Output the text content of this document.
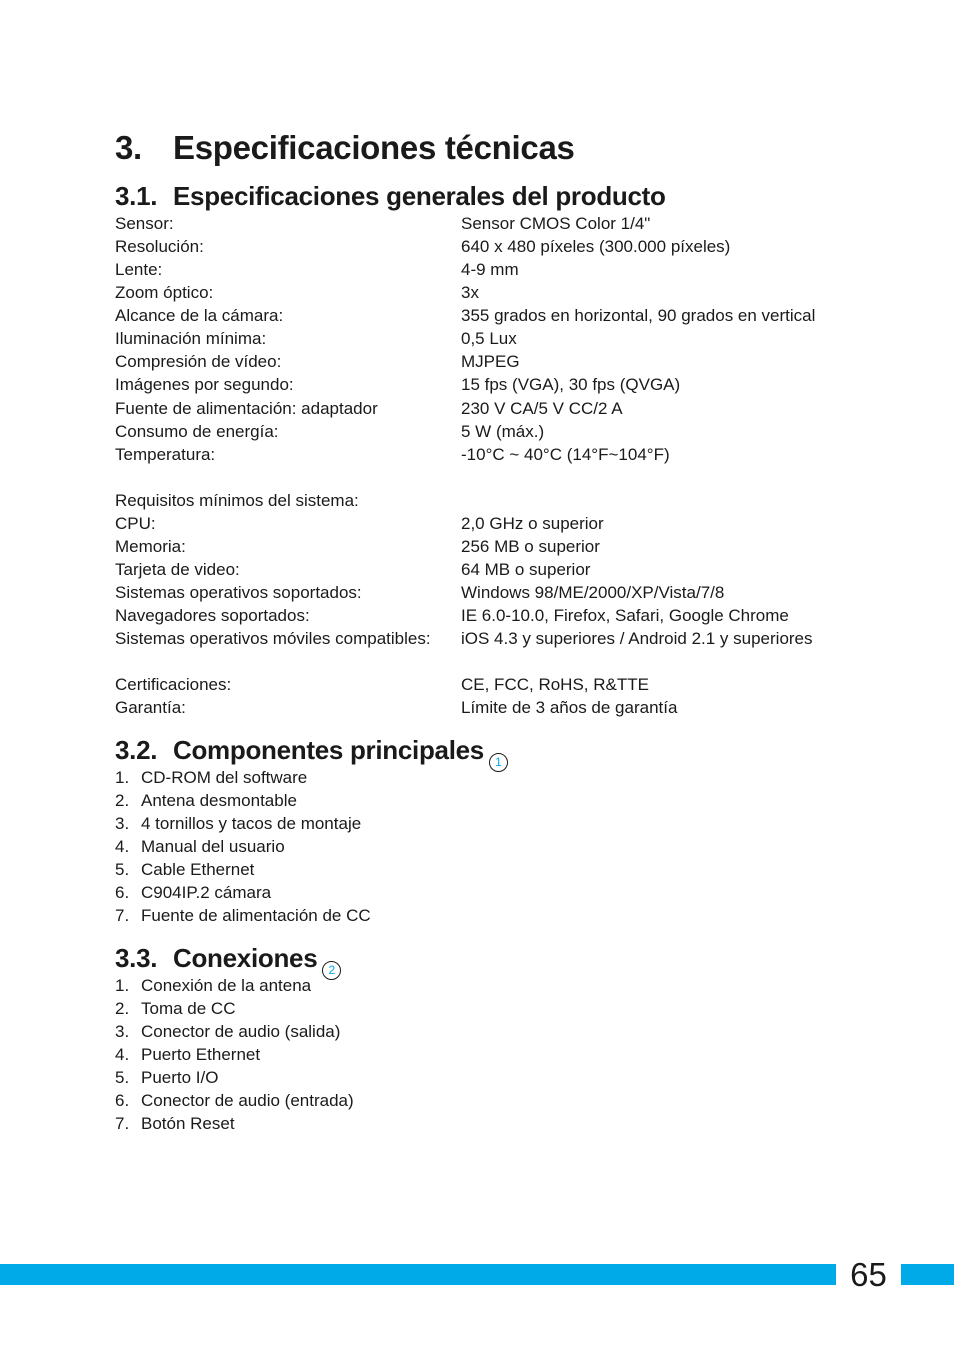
3. Especificaciones técnicas
3.1. Especificaciones generales del producto
Sensor:	Sensor CMOS Color 1/4"
Resolución:	640 x 480 píxeles (300.000 píxeles)
Lente:	4-9 mm
Zoom óptico:	3x
Alcance de la cámara:	355 grados en horizontal, 90 grados en vertical
Iluminación mínima:	0,5 Lux
Compresión de vídeo:	MJPEG
Imágenes por segundo:	15 fps (VGA), 30 fps (QVGA)
Fuente de alimentación: adaptador	230 V CA/5 V CC/2 A
Consumo de energía:	5 W (máx.)
Temperatura:	-10°C ~ 40°C (14°F~104°F)
Requisitos mínimos del sistema:
CPU:	2,0 GHz o superior
Memoria:	256 MB o superior
Tarjeta de video:	64 MB o superior
Sistemas operativos soportados:	Windows 98/ME/2000/XP/Vista/7/8
Navegadores soportados:	IE 6.0-10.0, Firefox, Safari, Google Chrome
Sistemas operativos móviles compatibles: iOS 4.3 y superiores / Android 2.1 y superiores
Certificaciones:	CE, FCC, RoHS, R&TTE
Garantía:	Límite de 3 años de garantía
3.2. Componentes principales 1
1. CD-ROM del software
2. Antena desmontable
3. 4 tornillos y tacos de montaje
4. Manual del usuario
5. Cable Ethernet
6. C904IP.2 cámara
7. Fuente de alimentación de CC
3.3. Conexiones 2
1. Conexión de la antena
2. Toma de CC
3. Conector de audio (salida)
4. Puerto Ethernet
5. Puerto I/O
6. Conector de audio (entrada)
7. Botón Reset
65
